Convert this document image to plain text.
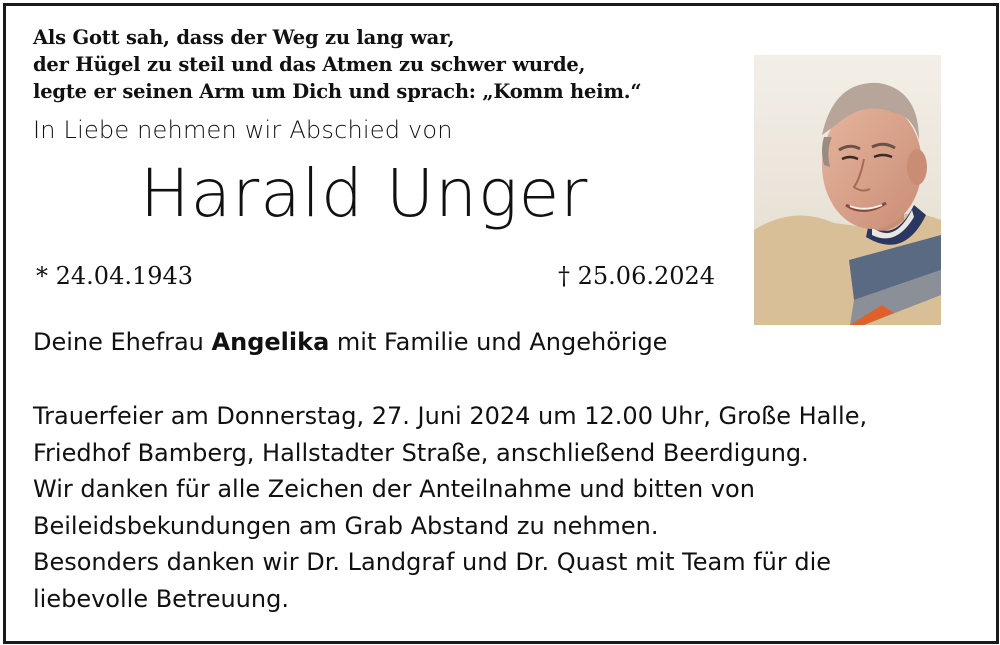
Als Gott sah, dass der Weg zu lang war,
der Hügel zu steil und das Atmen zu schwer wurde,
legte er seinen Arm um Dich und sprach: „Komm heim.“
In Liebe nehmen wir Abschied von
Harald Unger
* 24.04.1943	† 25.06.2024
Deine Ehefrau Angelika mit Familie und Angehörige
Trauerfeier am Donnerstag, 27. Juni 2024 um 12.00 Uhr, Große Halle,
Friedhof Bamberg, Hallstadter Straße, anschließend Beerdigung.
Wir danken für alle Zeichen der Anteilnahme und bitten von
Beileidsbekundungen am Grab Abstand zu nehmen.
Besonders danken wir Dr. Landgraf und Dr. Quast mit Team für die
liebevolle Betreuung.
